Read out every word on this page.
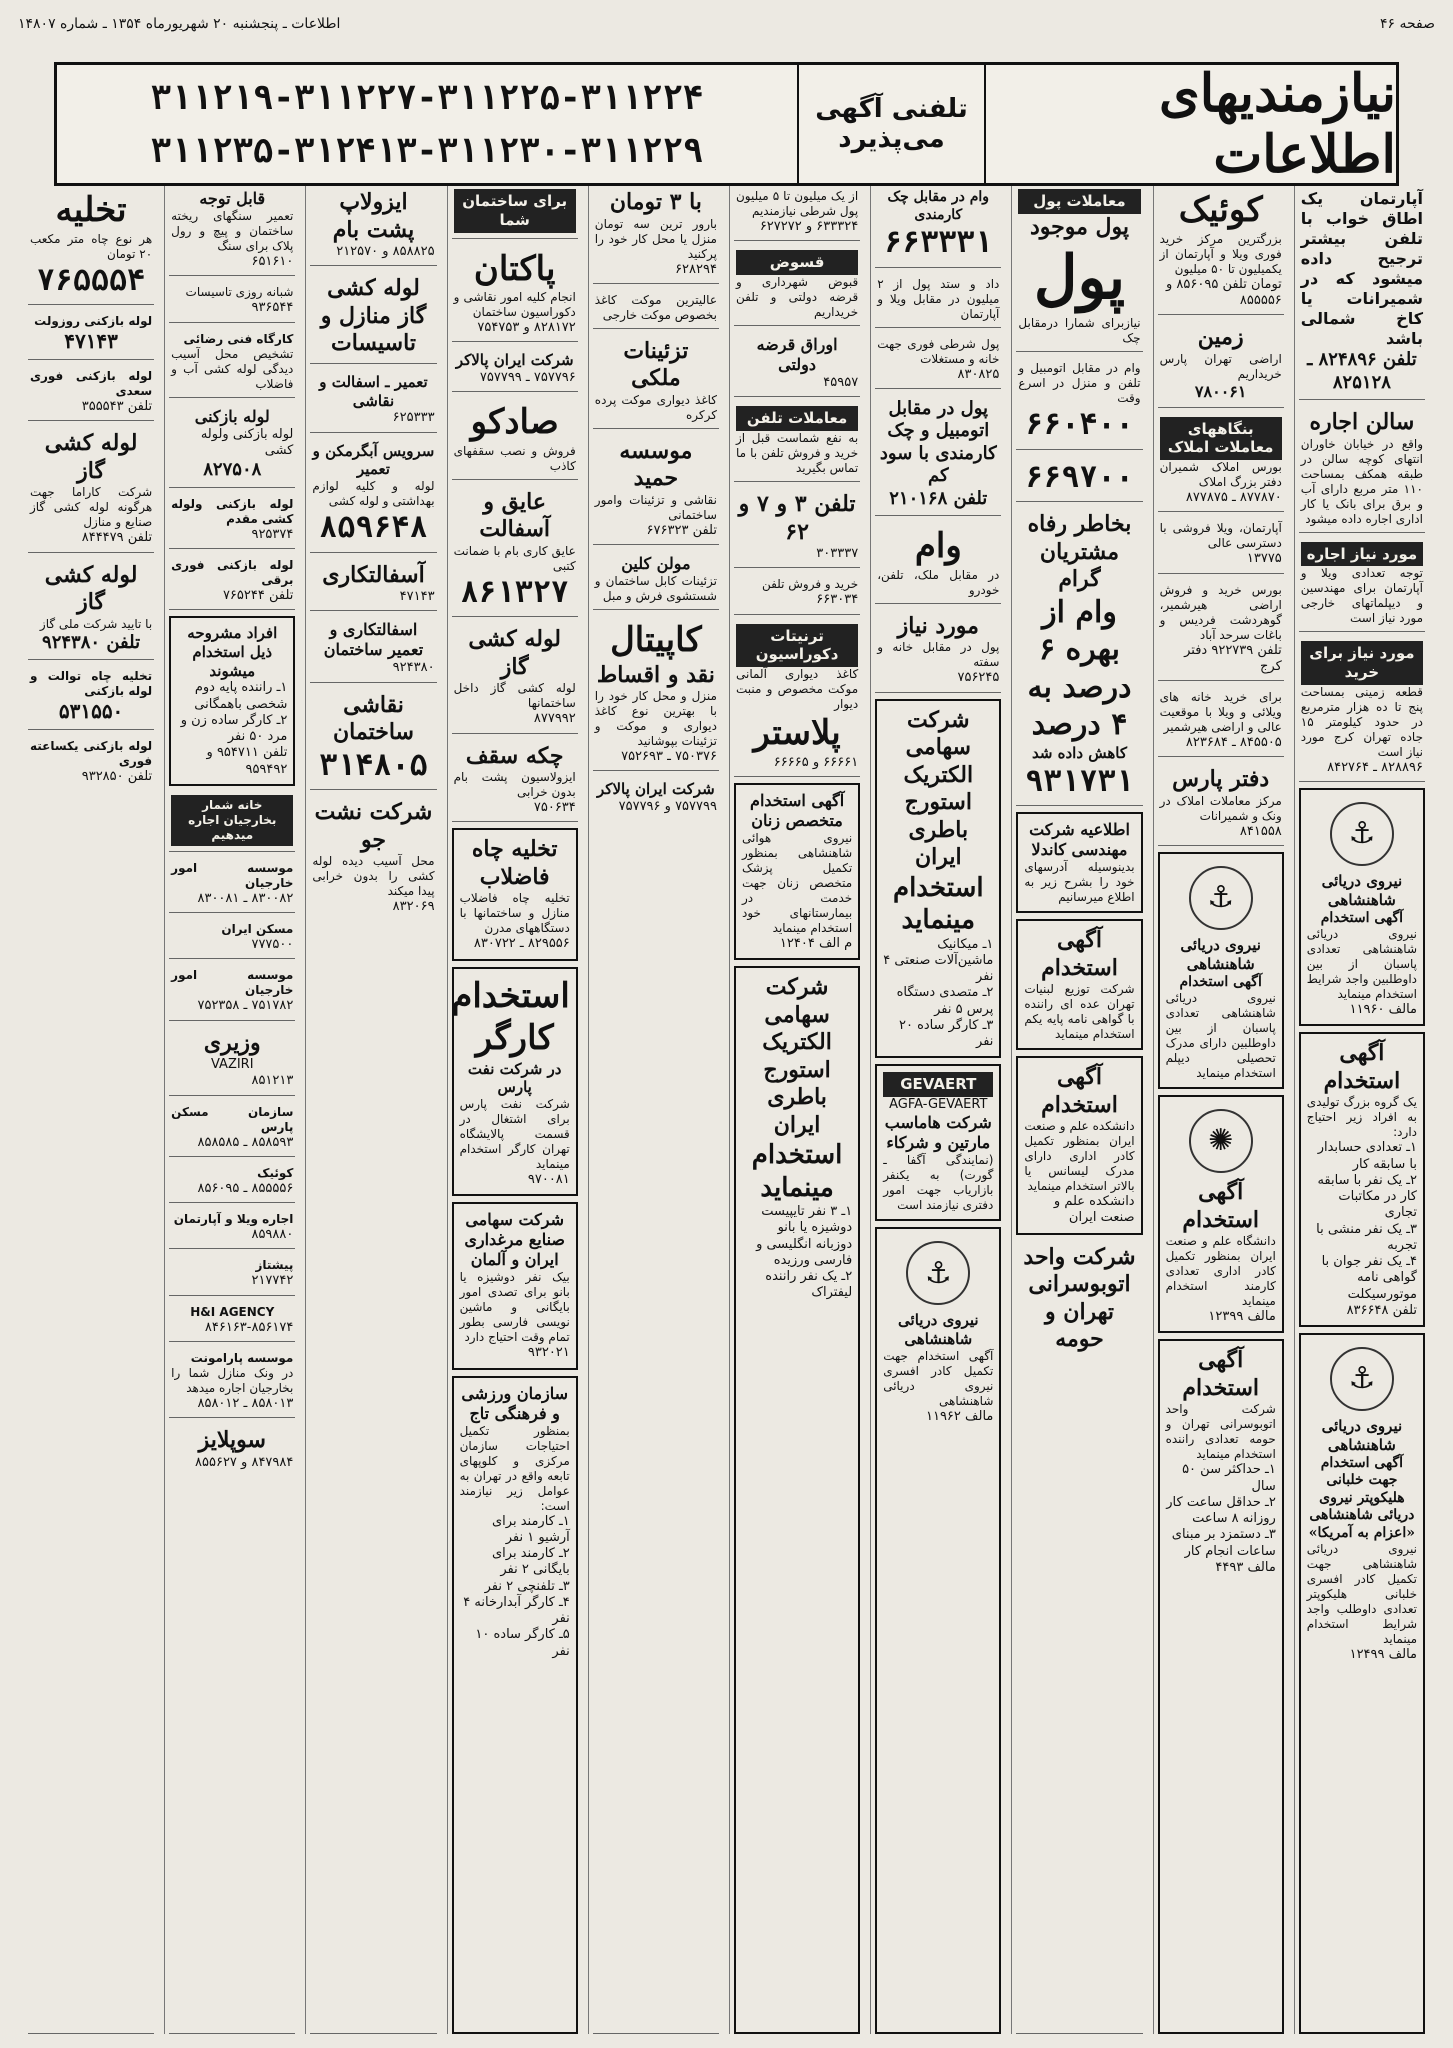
صفحه ۴۶
اطلاعات ـ پنجشنبه ۲۰ شهریورماه ۱۳۵۴ ـ شماره ۱۴۸۰۷
نیازمندیهای اطلاعات
تلفنی آگهی می‌پذیرد
۳۱۱۲۱۹-۳۱۱۲۲۷-۳۱۱۲۲۵-۳۱۱۲۲۴
۳۱۱۲۳۵-۳۱۲۴۱۳-۳۱۱۲۳۰-۳۱۱۲۲۹
آپارتمان یک اطاق خواب با تلفن بیشتر ترجیح داده میشود که در شمیرانات یا کاخ شمالی باشد
تلفن ۸۲۴۸۹۶ ـ ۸۲۵۱۲۸
سالن اجاره
واقع در خیابان خاوران انتهای کوچه سالن در طبقه همکف بمساحت ۱۱۰ متر مربع دارای آب و برق برای بانک یا کار اداری اجاره داده میشود
مورد نیاز اجاره
توجه تعدادی ویلا و آپارتمان برای مهندسین و دیپلماتهای خارجی مورد نیاز است
مورد نیاز برای خرید
قطعه زمینی بمساحت پنج تا ده هزار مترمربع در حدود کیلومتر ۱۵ جاده تهران کرج مورد نیاز است
۸۲۸۸۹۶ ـ ۸۴۲۷۶۴
⚓
نیروی دریائی شاهنشاهی
آگهی استخدام
نیروی دریائی شاهنشاهی تعدادی پاسبان از بین داوطلبین واجد شرایط استخدام مینماید
مالف ۱۱۹۶۰
آگهی استخدام
یک گروه بزرگ تولیدی به افراد زیر احتیاج دارد:
۱ـ تعدادی حسابدار با سابقه کار
۲ـ یک نفر با سابقه کار در مکاتبات تجاری
۳ـ یک نفر منشی با تجربه
۴ـ یک نفر جوان با گواهی نامه موتورسیکلت
تلفن ۸۳۶۶۴۸
⚓
نیروی دریائی شاهنشاهی
آگهی استخدام جهت خلبانی هلیکوپتر نیروی دریائی شاهنشاهی «اعزام به آمریکا»
نیروی دریائی شاهنشاهی جهت تکمیل کادر افسری خلبانی هلیکوپتر تعدادی داوطلب واجد شرایط استخدام مینماید
مالف ۱۲۴۹۹
کوئیک
بزرگترین مرکز خرید فوری ویلا و آپارتمان از یکمیلیون تا ۵۰ میلیون
تومان تلفن ۸۵۶۰۹۵ و ۸۵۵۵۵۶
زمین
اراضی تهران پارس خریداریم
۷۸۰۰۶۱
بنگاههای معاملات املاک
بورس املاک شمیران دفتر بزرگ املاک
۸۷۷۸۷۰ ـ ۸۷۷۸۷۵
آپارتمان، ویلا فروشی با دسترسی عالی
۱۳۷۷۵
بورس خرید و فروش اراضی هیرشمیر، گوهردشت فردیس و باغات سرحد آباد
تلفن ۹۲۲۷۳۹ دفتر کرج
برای خرید خانه های ویلائی و ویلا با موقعیت عالی و اراضی هیرشمیر
۸۴۵۵۰۵ ـ ۸۲۳۶۸۴
دفتر پارس
مرکز معاملات املاک در ونک و شمیرانات
۸۴۱۵۵۸
⚓
نیروی دریائی شاهنشاهی
آگهی استخدام
نیروی دریائی شاهنشاهی تعدادی پاسبان از بین داوطلبین دارای مدرک تحصیلی دیپلم استخدام مینماید
✺
آگهی استخدام
دانشگاه علم و صنعت ایران بمنظور تکمیل کادر اداری تعدادی کارمند استخدام مینماید
مالف ۱۲۳۹۹
آگهی استخدام
شرکت واحد اتوبوسرانی تهران و حومه تعدادی راننده استخدام مینماید
۱ـ حداکثر سن ۵۰ سال
۲ـ حداقل ساعت کار روزانه ۸ ساعت
۳ـ دستمزد بر مبنای ساعات انجام کار
مالف ۴۴۹۳
معاملات پول
پول موجود
پول
نیازبرای شمارا درمقابل چک
وام در مقابل اتومبیل و تلفن و منزل در اسرع وقت
۶۶۰۴۰۰
۶۶۹۷۰۰
بخاطر رفاه مشتریان گرام
وام از بهره ۶ درصد به ۴ درصد
کاهش داده شد
۹۳۱۷۳۱
اطلاعیه شرکت مهندسی کاندلا
بدینوسیله آدرسهای خود را بشرح زیر به اطلاع میرسانیم
آگهی استخدام
شرکت توزیع لبنیات تهران عده ای راننده با گواهی نامه پایه یکم استخدام مینماید
آگهی استخدام
دانشکده علم و صنعت ایران بمنظور تکمیل کادر اداری دارای مدرک لیسانس یا بالاتر استخدام مینماید
دانشکده علم و صنعت ایران
شرکت واحد اتوبوسرانی تهران و حومه
وام در مقابل چک کارمندی
۶۶۳۳۳۱
داد و ستد پول از ۲ میلیون در مقابل ویلا و آپارتمان
پول شرطی فوری جهت خانه و مستغلات
۸۳۰۸۲۵
پول در مقابل اتومبیل و چک کارمندی با سود کم
تلفن ۲۱۰۱۶۸
وام
در مقابل ملک، تلفن، خودرو
مورد نیاز
پول در مقابل خانه و سفته
۷۵۶۲۴۵
شرکت سهامی الکتریک
استورج باطری ایران
استخدام مینماید
۱ـ میکانیک ماشین‌آلات صنعتی ۴ نفر
۲ـ متصدی دستگاه پرس ۵ نفر
۳ـ کارگر ساده ۲۰ نفر
GEVAERT
AGFA-GEVAERT
شرکت هاماسب مارتین و شرکاء
(نمایندگی آگفا ـ گورت) به یکنفر بازاریاب جهت امور دفتری نیازمند است
⚓
نیروی دریائی شاهنشاهی
آگهی استخدام جهت تکمیل کادر افسری نیروی دریائی شاهنشاهی
مالف ۱۱۹۶۲
از یک میلیون تا ۵ میلیون پول شرطی نیازمندیم
۶۳۳۳۲۴ و ۶۲۷۲۷۲
قسوض
قبوض شهرداری و قرضه دولتی و تلفن خریداریم
اوراق قرضه دولتی
۴۵۹۵۷
معاملات تلفن
به نفع شماست قبل از خرید و فروش تلفن با ما تماس بگیرید
تلفن ۳ و ۷ و ۶۲
۳۰۳۳۳۷
خرید و فروش تلفن
۶۶۳۰۳۴
ترنیتات دکوراسیون
کاغذ دیواری آلمانی موکت مخصوص و منبت دیوار
پلاستر
۶۶۶۶۱ و ۶۶۶۶۵
آگهی استخدام متخصص زنان
نیروی هوائی شاهنشاهی بمنظور تکمیل پزشک متخصص زنان جهت خدمت در بیمارستانهای خود استخدام مینماید
م الف ۱۲۴۰۴
شرکت سهامی الکتریک
استورج باطری ایران
استخدام مینماید
۱ـ ۳ نفر تایپیست دوشیزه یا بانو دوزبانه انگلیسی و فارسی ورزیده
۲ـ یک نفر راننده لیفتراک
با ۳ تومان
بارور ترین سه تومان منزل یا محل کار خود را پرکنید
۶۲۸۲۹۴
عالیترین موکت کاغذ بخصوص موکت خارجی
تزئینات ملکی
کاغذ دیواری موکت پرده کرکره
موسسه حمید
نقاشی و تزئینات وامور ساختمانی
تلفن ۶۷۶۳۲۳
مولن کلین
تزئینات کابل ساختمان و شستشوی فرش و مبل
کاپیتال
نقد و اقساط
منزل و محل کار خود را با بهترین نوع کاغذ دیواری و موکت و تزئینات بپوشانید
۷۵۰۳۷۶ ـ ۷۵۲۶۹۳
شرکت ایران پالاکر
۷۵۷۷۹۹ و ۷۵۷۷۹۶
برای ساختمان شما
پاکتان
انجام کلیه امور نقاشی و دکوراسیون ساختمان
۸۲۸۱۷۲ و ۷۵۴۷۵۳
شرکت ایران پالاکر
۷۵۷۷۹۶ ـ ۷۵۷۷۹۹
صادکو
فروش و نصب سقفهای کاذب
عایق و آسفالت
عایق کاری بام با ضمانت کتبی
۸۶۱۳۲۷
لوله کشی گاز
لوله کشی گاز داخل ساختمانها
۸۷۷۹۹۲
چکه سقف
ایزولاسیون پشت بام بدون خرابی
۷۵۰۶۳۴
تخلیه چاه فاضلاب
تخلیه چاه فاضلاب منازل و ساختمانها با دستگاههای مدرن
۸۲۹۵۵۶ ـ ۸۳۰۷۲۲
استخدام کارگر
در شرکت نفت پارس
شرکت نفت پارس برای اشتغال در قسمت پالایشگاه تهران کارگر استخدام مینماید
۹۷۰۰۸۱
شرکت سهامی صنایع مرغداری ایران و آلمان
بیک نفر دوشیزه یا بانو برای تصدی امور بایگانی و ماشین نویسی فارسی بطور تمام وقت احتیاج دارد
۹۳۲۰۲۱
سازمان ورزشی و فرهنگی تاج
بمنظور تکمیل احتیاجات سازمان مرکزی و کلوپهای تابعه واقع در تهران به عوامل زیر نیازمند است:
۱ـ کارمند برای آرشیو ۱ نفر
۲ـ کارمند برای بایگانی ۲ نفر
۳ـ تلفنچی ۲ نفر
۴ـ کارگر آبدارخانه ۴ نفر
۵ـ کارگر ساده ۱۰ نفر
ایزولاپ پشت بام
۸۵۸۸۲۵ و ۲۱۲۵۷۰
لوله کشی گاز منازل و تاسیسات
تعمیر ـ اسفالت و نقاشی
۶۲۵۳۳۳
سرویس آبگرمکن و تعمیر
لوله و کلیه لوازم بهداشتی و لوله کشی
۸۵۹۶۴۸
آسفالتکاری
۴۷۱۴۳
اسفالتکاری و تعمیر ساختمان
۹۲۴۳۸۰
نقاشی ساختمان
۳۱۴۸۰۵
شرکت نشت جو
محل آسیب دیده لوله کشی را بدون خرابی پیدا میکند
۸۳۲۰۶۹
قابل توجه
تعمیر سنگهای ریخته ساختمان و پیچ و رول پلاک برای سنگ
۶۵۱۶۱۰
شبانه روزی تاسیسات
۹۳۶۵۴۴
کارگاه فنی رضائی
تشخیص محل آسیب دیدگی لوله کشی آب و فاضلاب
لوله بازکنی
لوله بازکنی ولوله کشی
۸۲۷۵۰۸
لوله بازکنی ولوله کشی مقدم
۹۲۵۳۷۴
لوله بازکنی فوری برقی
تلفن ۷۶۵۲۴۴
افراد مشروحه ذیل استخدام میشوند
۱ـ راننده پایه دوم شخصی باهمگانی
۲ـ کارگر ساده زن و مرد ۵۰ نفر
تلفن ۹۵۴۷۱۱ و ۹۵۹۴۹۲
خانه شمار بخارجیان اجاره میدهیم
موسسه امور خارجیان
۸۳۰۰۸۲ ـ ۸۳۰۰۸۱
مسکن ایران
۷۷۷۵۰۰
موسسه امور خارجیان
۷۵۱۷۸۲ ـ ۷۵۲۳۵۸
وزیری
VAZIRI
۸۵۱۲۱۳
سازمان مسکن پارس
۸۵۸۵۹۳ ـ ۸۵۸۵۸۵
کوئیک
۸۵۵۵۵۶ ـ ۸۵۶۰۹۵
اجاره ویلا و آپارتمان
۸۵۹۸۸۰
پیشتاز
۲۱۷۷۴۲
H&I AGENCY
۸۴۶۱۶۳-۸۵۶۱۷۴
موسسه پارامونت
در ونک منازل شما را بخارجیان اجاره میدهد
۸۵۸۰۱۳ ـ ۸۵۸۰۱۲
سوپلایز
۸۴۷۹۸۴ و ۸۵۵۶۲۷
تخلیه
هر نوع چاه متر مکعب ۲۰ تومان
۷۶۵۵۵۴
لوله بازکنی روزولت
۴۷۱۴۳
لوله بازکنی فوری سعدی
تلفن ۳۵۵۵۴۳
لوله کشی گاز
شرکت کاراما جهت هرگونه لوله کشی گاز صنایع و منازل
تلفن ۸۴۴۴۷۹
لوله کشی گاز
با تایید شرکت ملی گاز
تلفن ۹۲۴۳۸۰
تخلیه چاه توالت و لوله بازکنی
۵۳۱۵۵۰
لوله بازکنی یکساعته فوری
تلفن ۹۳۲۸۵۰
